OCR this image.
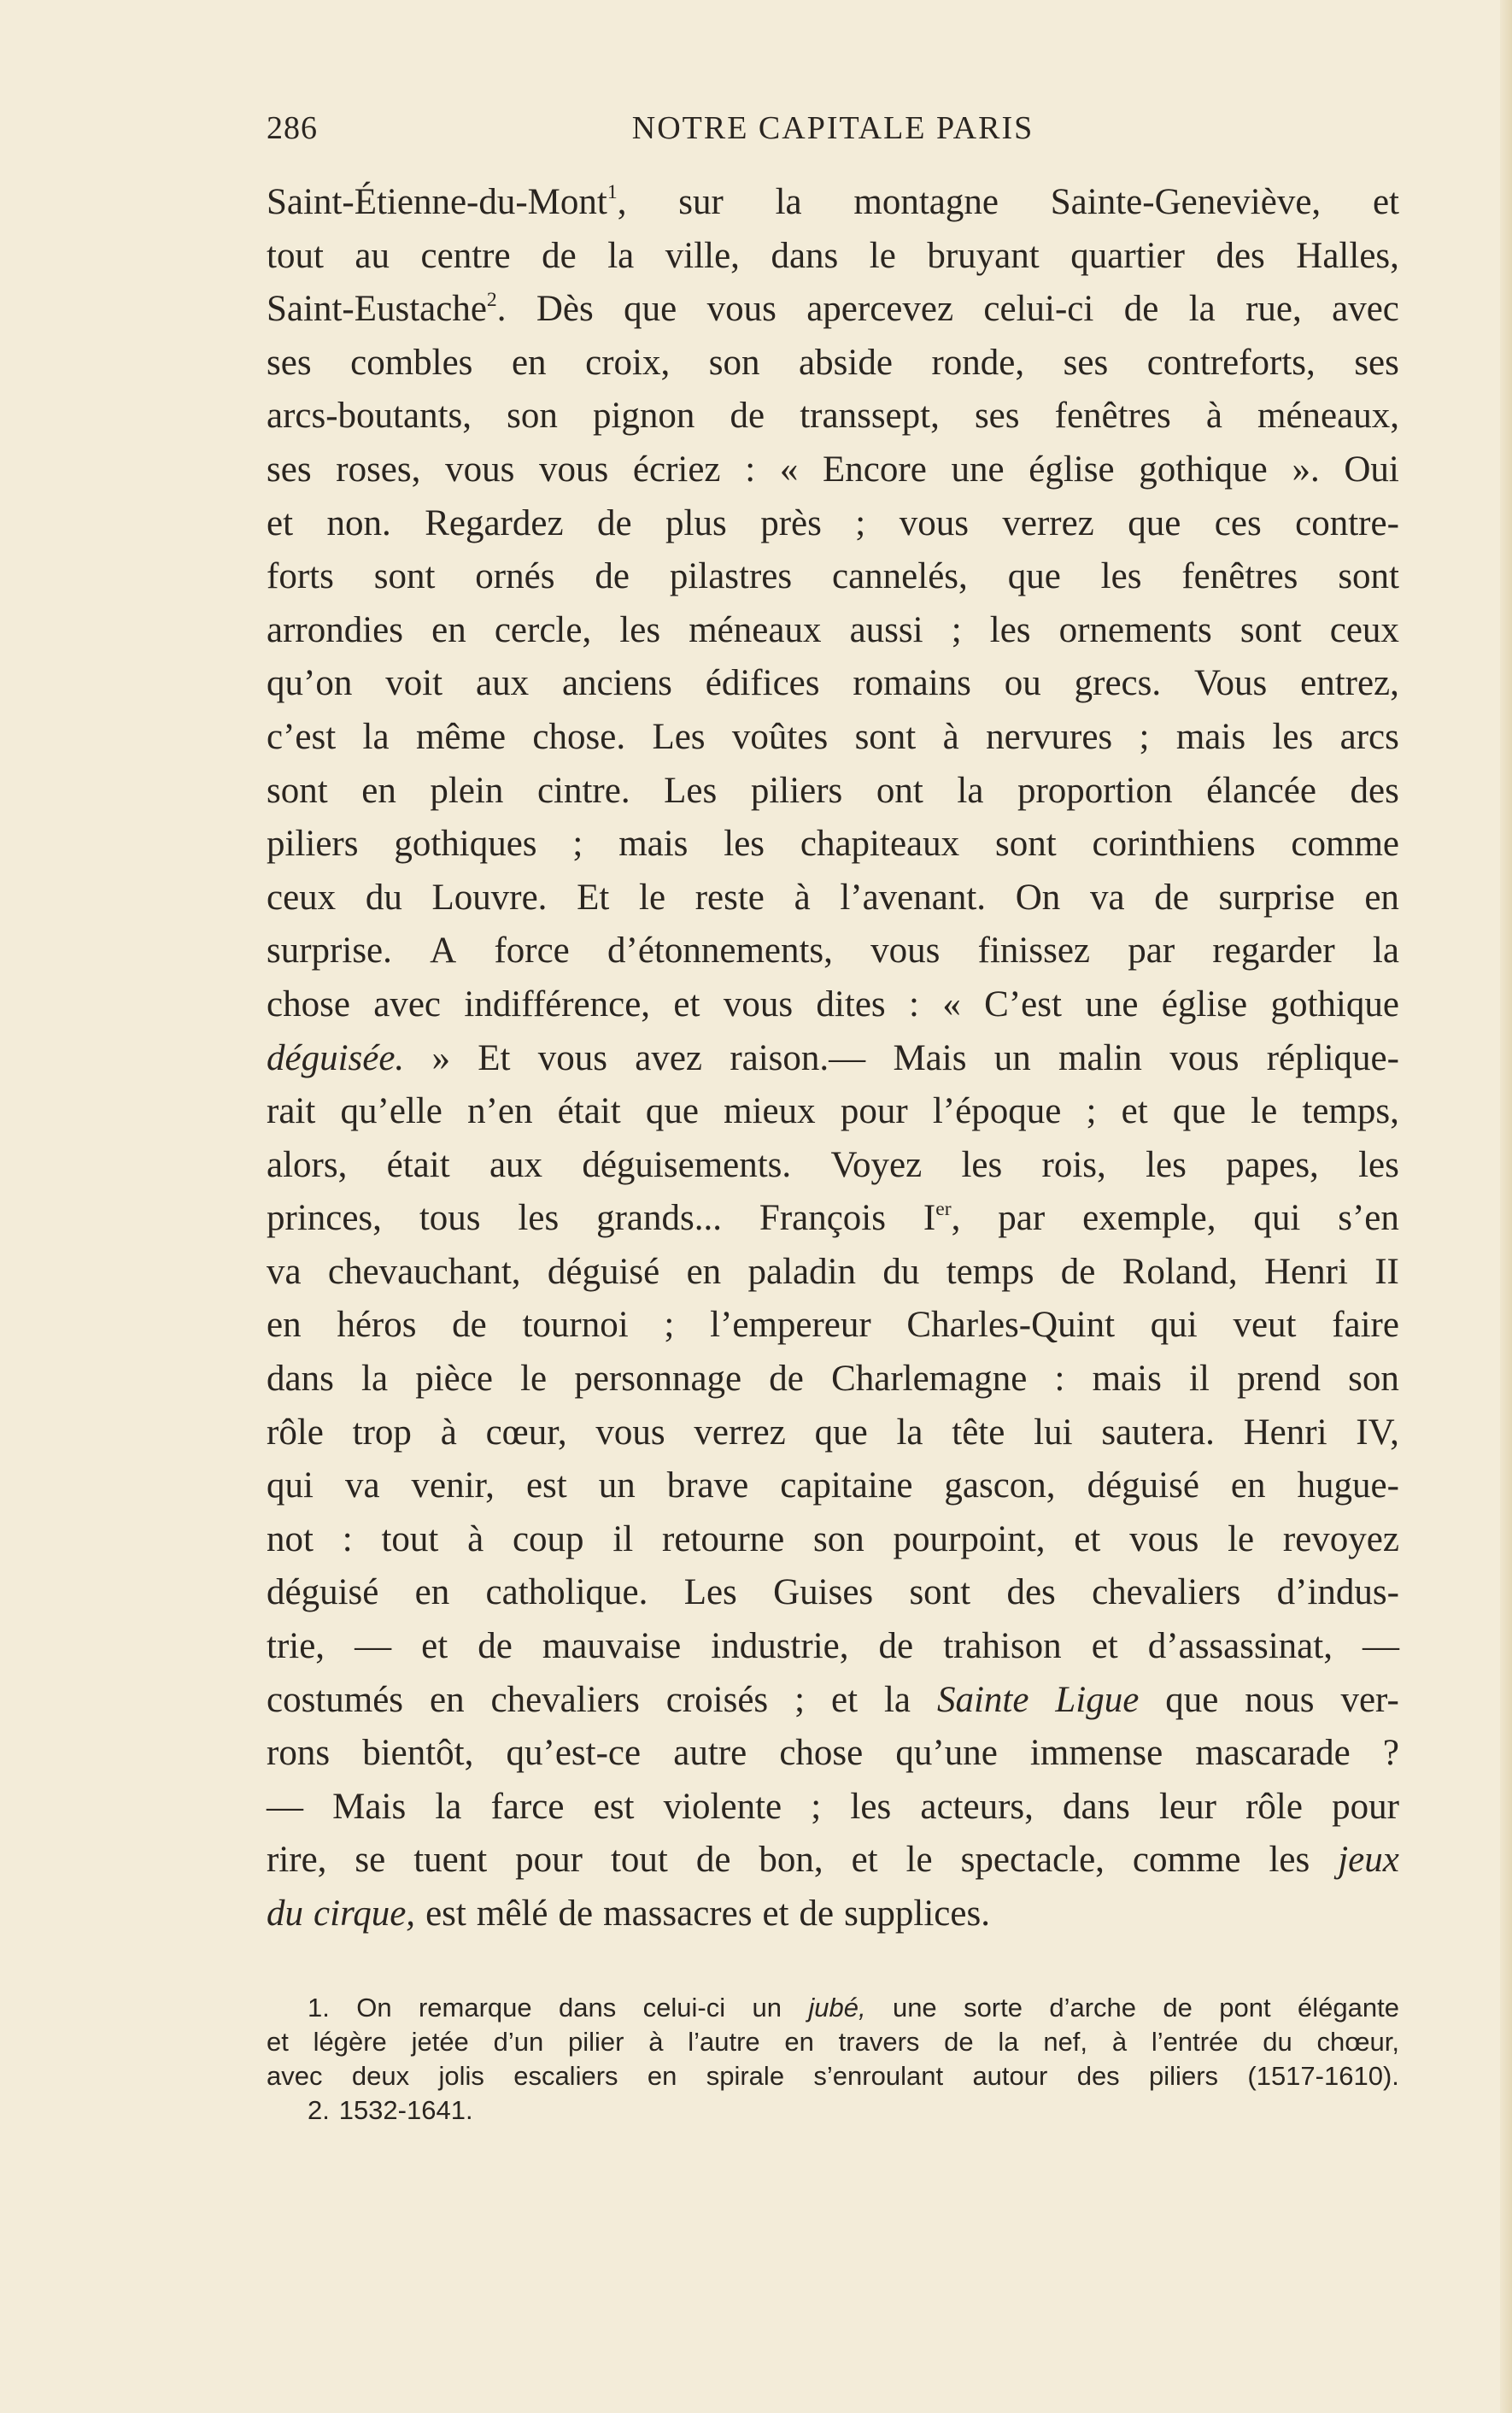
286	NOTRE CAPITALE PARIS
Saint-Étienne-du-Mont$^1$, sur la montagne Sainte-Geneviève, et
tout au centre de la ville, dans le bruyant quartier des Halles,
Saint-Eustache$^2$. Dès que vous apercevez celui-ci de la rue, avec
ses combles en croix, son abside ronde, ses contreforts, ses
arcs-boutants, son pignon de transsept, ses fenêtres à méneaux,
ses roses, vous vous écriez : « Encore une église gothique ». Oui
et non. Regardez de plus près ; vous verrez que ces contre-
forts sont ornés de pilastres cannelés, que les fenêtres sont
arrondies en cercle, les méneaux aussi ; les ornements sont ceux
qu’on voit aux anciens édifices romains ou grecs. Vous entrez,
c’est la même chose. Les voûtes sont à nervures ; mais les arcs
sont en plein cintre. Les piliers ont la proportion élancée des
piliers gothiques ; mais les chapiteaux sont corinthiens comme
ceux du Louvre. Et le reste à l’avenant. On va de surprise en
surprise. A force d’étonnements, vous finissez par regarder la
chose avec indifférence, et vous dites : « C’est une église gothique
déguisée. » Et vous avez raison.— Mais un malin vous réplique-
rait qu’elle n’en était que mieux pour l’époque ; et que le temps,
alors, était aux déguisements. Voyez les rois, les papes, les
princes, tous les grands... François Ier, par exemple, qui s’en
va chevauchant, déguisé en paladin du temps de Roland, Henri II
en héros de tournoi ; l’empereur Charles-Quint qui veut faire
dans la pièce le personnage de Charlemagne : mais il prend son
rôle trop à cœur, vous verrez que la tête lui sautera. Henri IV,
qui va venir, est un brave capitaine gascon, déguisé en hugue-
not : tout à coup il retourne son pourpoint, et vous le revoyez
déguisé en catholique. Les Guises sont des chevaliers d’indus-
trie, — et de mauvaise industrie, de trahison et d’assassinat, —
costumés en chevaliers croisés ; et la Sainte Ligue que nous ver-
rons bientôt, qu’est-ce autre chose qu’une immense mascarade ?
— Mais la farce est violente ; les acteurs, dans leur rôle pour
rire, se tuent pour tout de bon, et le spectacle, comme les jeux
du cirque, est mêlé de massacres et de supplices.
1. On remarque dans celui-ci un jubé, une sorte d’arche de pont élégante
et légère jetée d’un pilier à l’autre en travers de la nef, à l’entrée du chœur,
avec deux jolis escaliers en spirale s’enroulant autour des piliers (1517-1610).
2. 1532-1641.
